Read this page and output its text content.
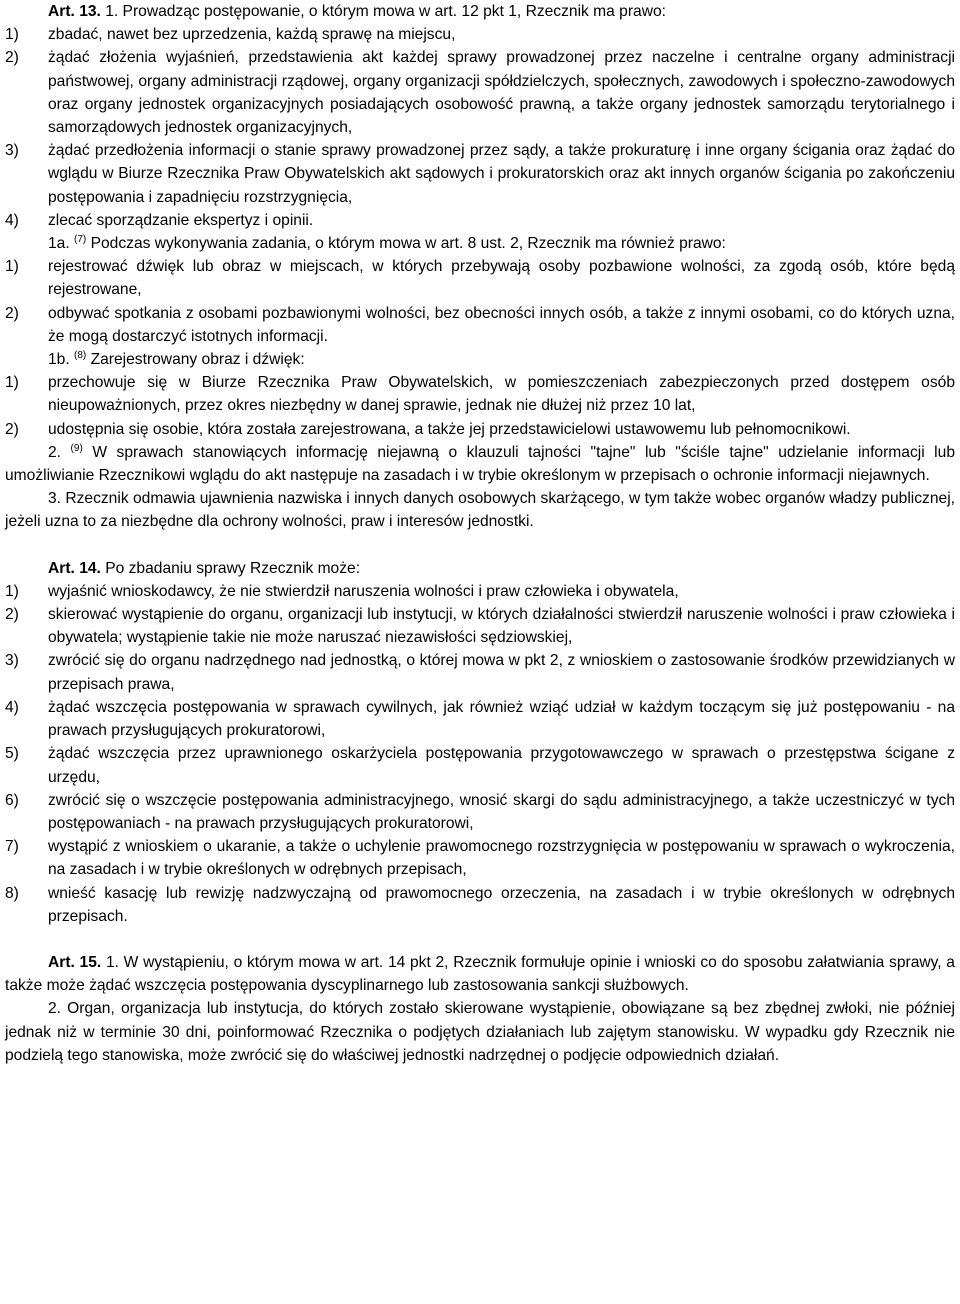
Art. 13. 1. Prowadząc postępowanie, o którym mowa w art. 12 pkt 1, Rzecznik ma prawo:

1)	zbadać, nawet bez uprzedzenia, każdą sprawę na miejscu,
2)	żądać złożenia wyjaśnień, przedstawienia akt każdej sprawy prowadzonej przez naczelne i centralne organy administracji państwowej, organy administracji rządowej, organy organizacji spółdzielczych, społecznych, zawodowych i społeczno-zawodowych oraz organy jednostek organizacyjnych posiadających osobowość prawną, a także organy jednostek samorządu terytorialnego i samorządowych jednostek organizacyjnych,
3)	żądać przedłożenia informacji o stanie sprawy prowadzonej przez sądy, a także prokuraturę i inne organy ścigania oraz żądać do wglądu w Biurze Rzecznika Praw Obywatelskich akt sądowych i prokuratorskich oraz akt innych organów ścigania po zakończeniu postępowania i zapadnięciu rozstrzygnięcia,
4)	zlecać sporządzanie ekspertyz i opinii.

1a. $^{(7)}$ Podczas wykonywania zadania, o którym mowa w art. 8 ust. 2, Rzecznik ma również prawo:

1)	rejestrować dźwięk lub obraz w miejscach, w których przebywają osoby pozbawione wolności, za zgodą osób, które będą rejestrowane,
2)	odbywać spotkania z osobami pozbawionymi wolności, bez obecności innych osób, a także z innymi osobami, co do których uzna, że mogą dostarczyć istotnych informacji.

1b. $^{(8)}$ Zarejestrowany obraz i dźwięk:

1)	przechowuje się w Biurze Rzecznika Praw Obywatelskich, w pomieszczeniach zabezpieczonych przed dostępem osób nieupoważnionych, przez okres niezbędny w danej sprawie, jednak nie dłużej niż przez 10 lat,
2)	udostępnia się osobie, która została zarejestrowana, a także jej przedstawicielowi ustawowemu lub pełnomocnikowi.

2. $^{(9)}$ W sprawach stanowiących informację niejawną o klauzuli tajności "tajne" lub "ściśle tajne" udzielanie informacji lub umożliwianie Rzecznikowi wglądu do akt następuje na zasadach i w trybie określonym w przepisach o ochronie informacji niejawnych.

3. Rzecznik odmawia ujawnienia nazwiska i innych danych osobowych skarżącego, w tym także wobec organów władzy publicznej, jeżeli uzna to za niezbędne dla ochrony wolności, praw i interesów jednostki.

Art. 14. Po zbadaniu sprawy Rzecznik może:

1)	wyjaśnić wnioskodawcy, że nie stwierdził naruszenia wolności i praw człowieka i obywatela,
2)	skierować wystąpienie do organu, organizacji lub instytucji, w których działalności stwierdził naruszenie wolności i praw człowieka i obywatela; wystąpienie takie nie może naruszać niezawisłości sędziowskiej,
3)	zwrócić się do organu nadrzędnego nad jednostką, o której mowa w pkt 2, z wnioskiem o zastosowanie środków przewidzianych w przepisach prawa,
4)	żądać wszczęcia postępowania w sprawach cywilnych, jak również wziąć udział w każdym toczącym się już postępowaniu - na prawach przysługujących prokuratorowi,
5)	żądać wszczęcia przez uprawnionego oskarżyciela postępowania przygotowawczego w sprawach o przestępstwa ścigane z urzędu,
6)	zwrócić się o wszczęcie postępowania administracyjnego, wnosić skargi do sądu administracyjnego, a także uczestniczyć w tych postępowaniach - na prawach przysługujących prokuratorowi,
7)	wystąpić z wnioskiem o ukaranie, a także o uchylenie prawomocnego rozstrzygnięcia w postępowaniu w sprawach o wykroczenia, na zasadach i w trybie określonych w odrębnych przepisach,
8)	wnieść kasację lub rewizję nadzwyczajną od prawomocnego orzeczenia, na zasadach i w trybie określonych w odrębnych przepisach.

Art. 15. 1. W wystąpieniu, o którym mowa w art. 14 pkt 2, Rzecznik formułuje opinie i wnioski co do sposobu załatwiania sprawy, a także może żądać wszczęcia postępowania dyscyplinarnego lub zastosowania sankcji służbowych.

2. Organ, organizacja lub instytucja, do których zostało skierowane wystąpienie, obowiązane są bez zbędnej zwłoki, nie później jednak niż w terminie 30 dni, poinformować Rzecznika o podjętych działaniach lub zajętym stanowisku. W wypadku gdy Rzecznik nie podzielą tego stanowiska, może zwrócić się do właściwej jednostki nadrzędnej o podjęcie odpowiednich działań.
